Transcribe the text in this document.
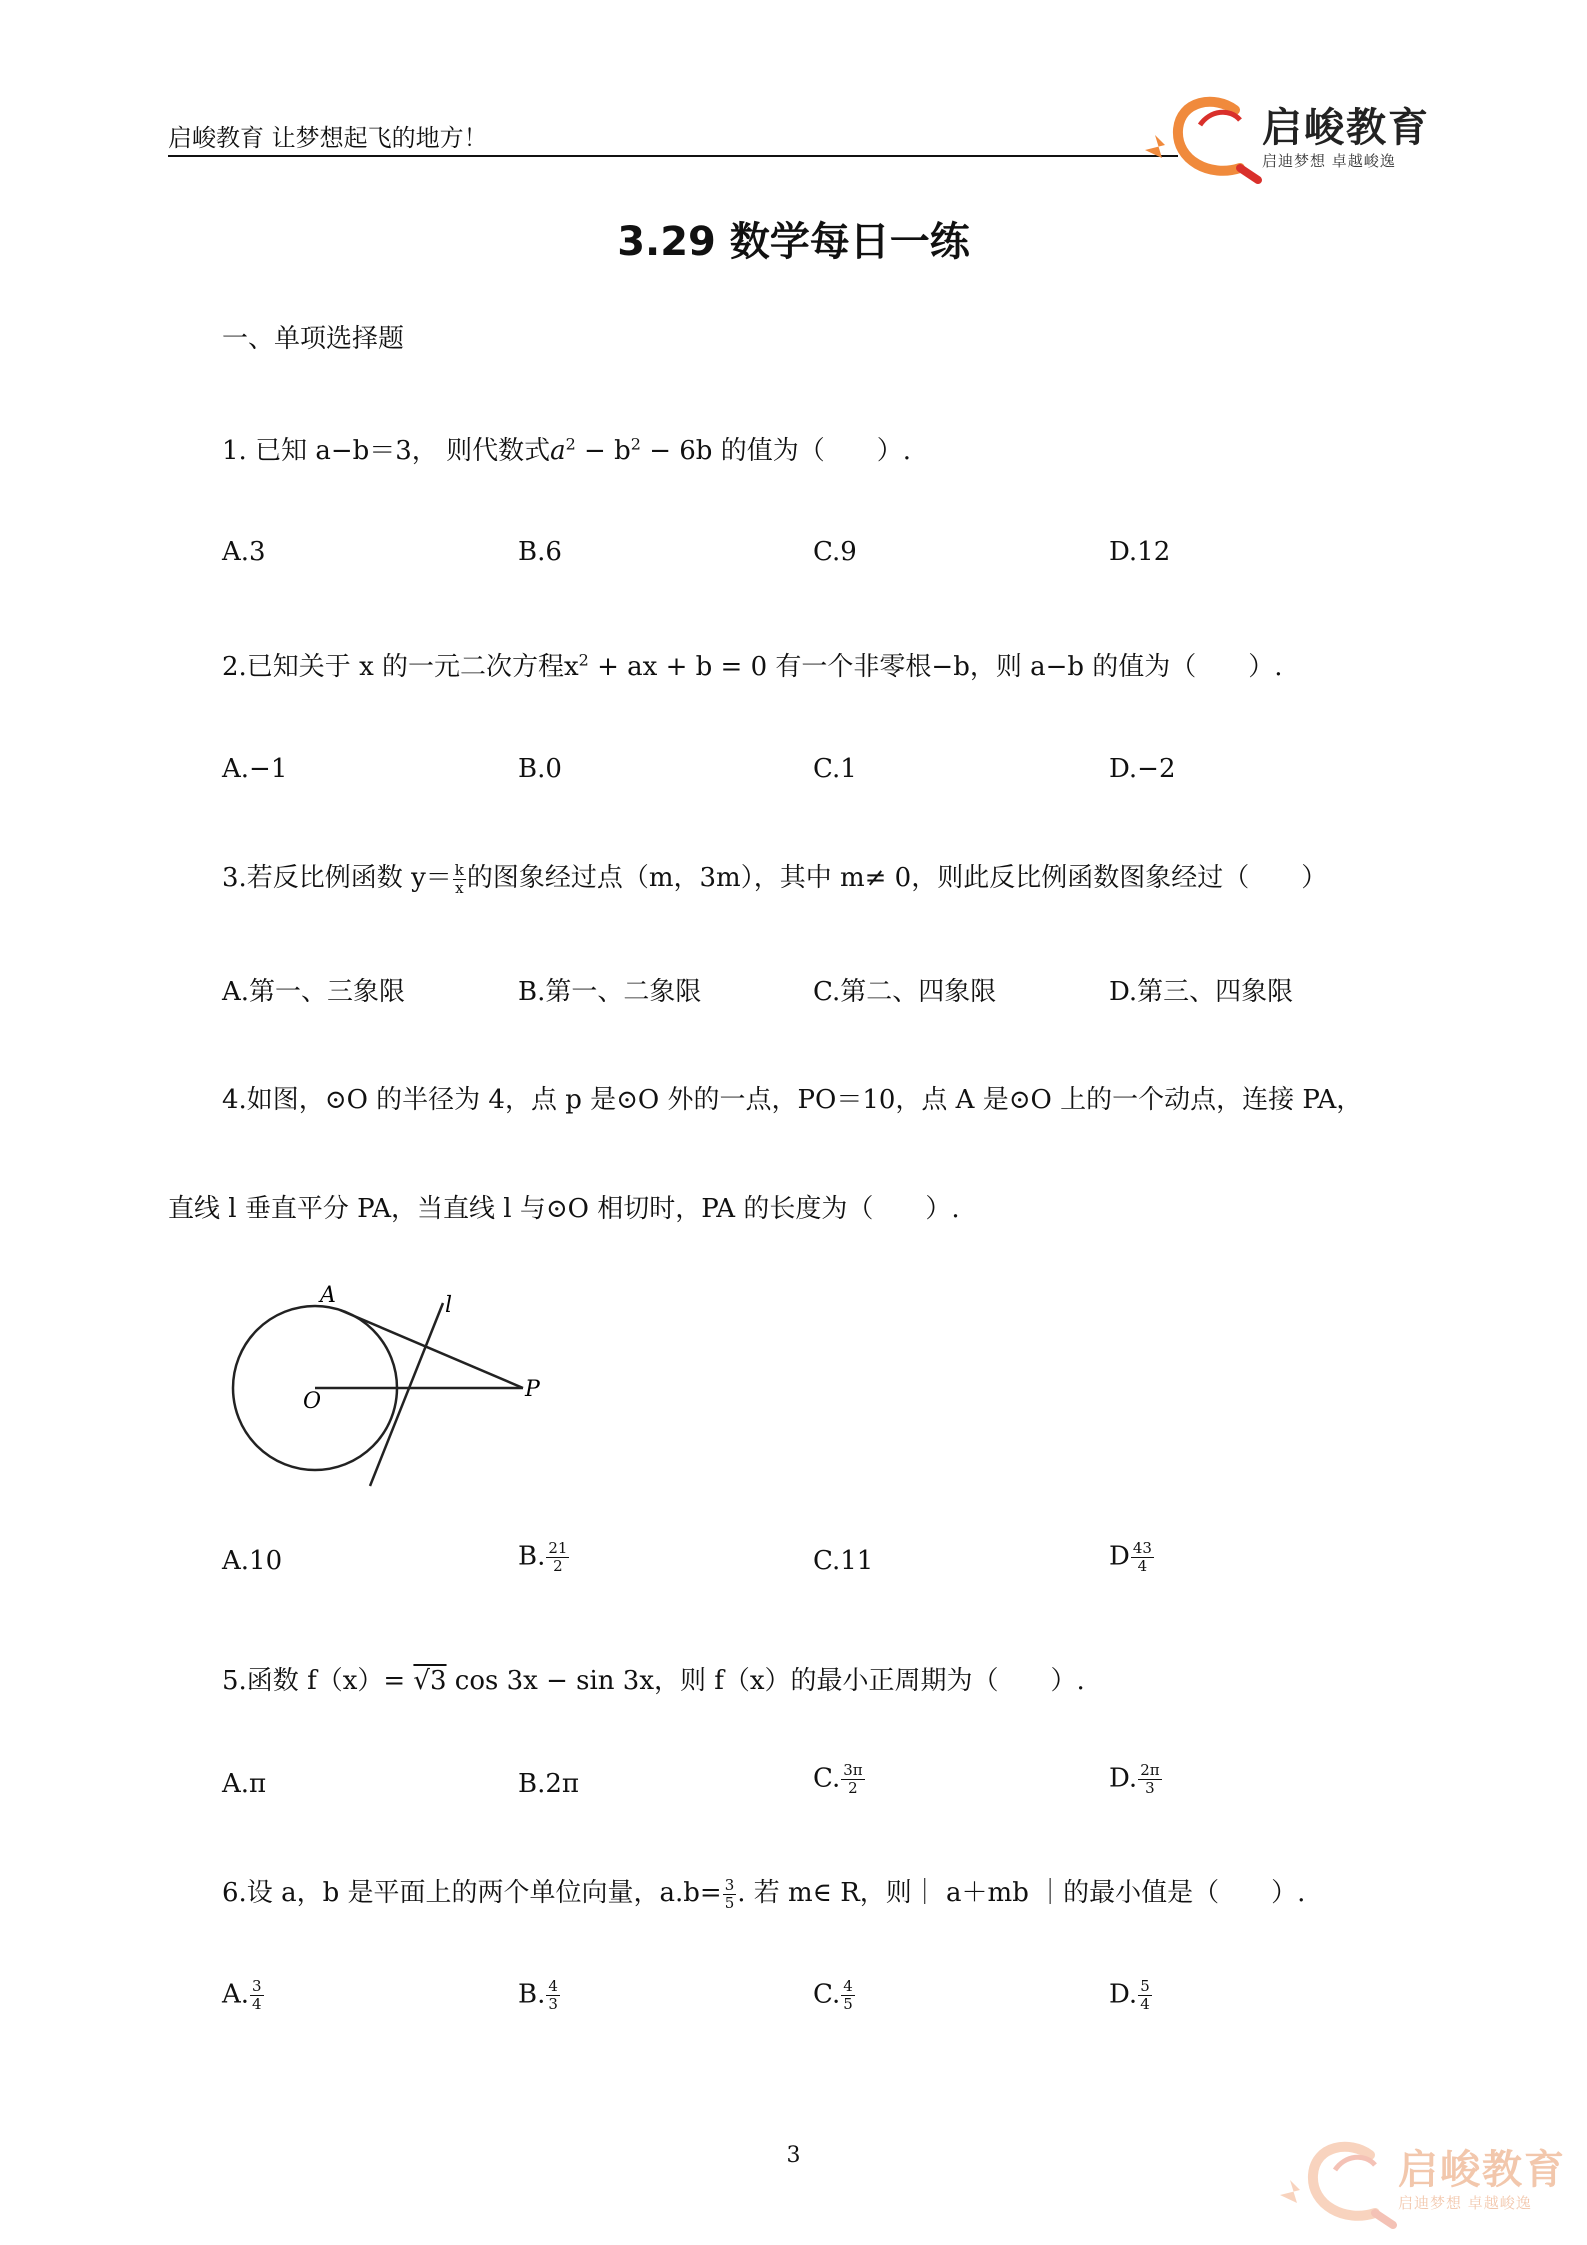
启峻教育 让梦想起飞的地方！	启峻教育
启迪梦想 卓越峻逸
3.29 数学每日一练
一、单项选择题
1. 已知 a−b＝3， 则代数式$a^2 - b^2 - 6b$ 的值为（　　）.
A.3	B.6	C.9	D.12
2.已知关于 x 的一元二次方程$x^2$ + ax + b = 0 有一个非零根−b，则 a−b 的值为（　　）.
A.−1	B.0	C.1	D.−2
3.若反比例函数 $y= \frac{k}{x}$ 的图象经过点（m，3m），其中 m≠ 0，则此反比例函数图象经过（　　）
A.第一、三象限	B.第一、二象限	C.第二、四象限	D.第三、四象限
4.如图，⊙O 的半径为 4，点 p 是⊙O 外的一点，PO＝10，点 A 是⊙O 上的一个动点，连接 PA，
直线 l 垂直平分 PA，当直线 l 与⊙O 相切时，PA 的长度为（　　）.
A
O	P
l
A.10	B. $\frac{21}{2}$	C.11	D $\frac{43}{4}$
5.函数 f（x）= √3 cos 3x − sin 3x，则 f（x）的最小正周期为（　　）.
A.π	B.2π	C. $\frac{3\pi}{2}$	D. $\frac{2\pi}{3}$
6.设 a，b 是平面上的两个单位向量，$a.b= \frac{3}{5}$ . 若 m∈ R，则｜ a＋mb ｜的最小值是（　　）.
A. $\frac{3}{4}$	B. $\frac{4}{3}$	C. $\frac{4}{5}$	D. $\frac{5}{4}$
3	启峻教育
启迪梦想 卓越峻逸
